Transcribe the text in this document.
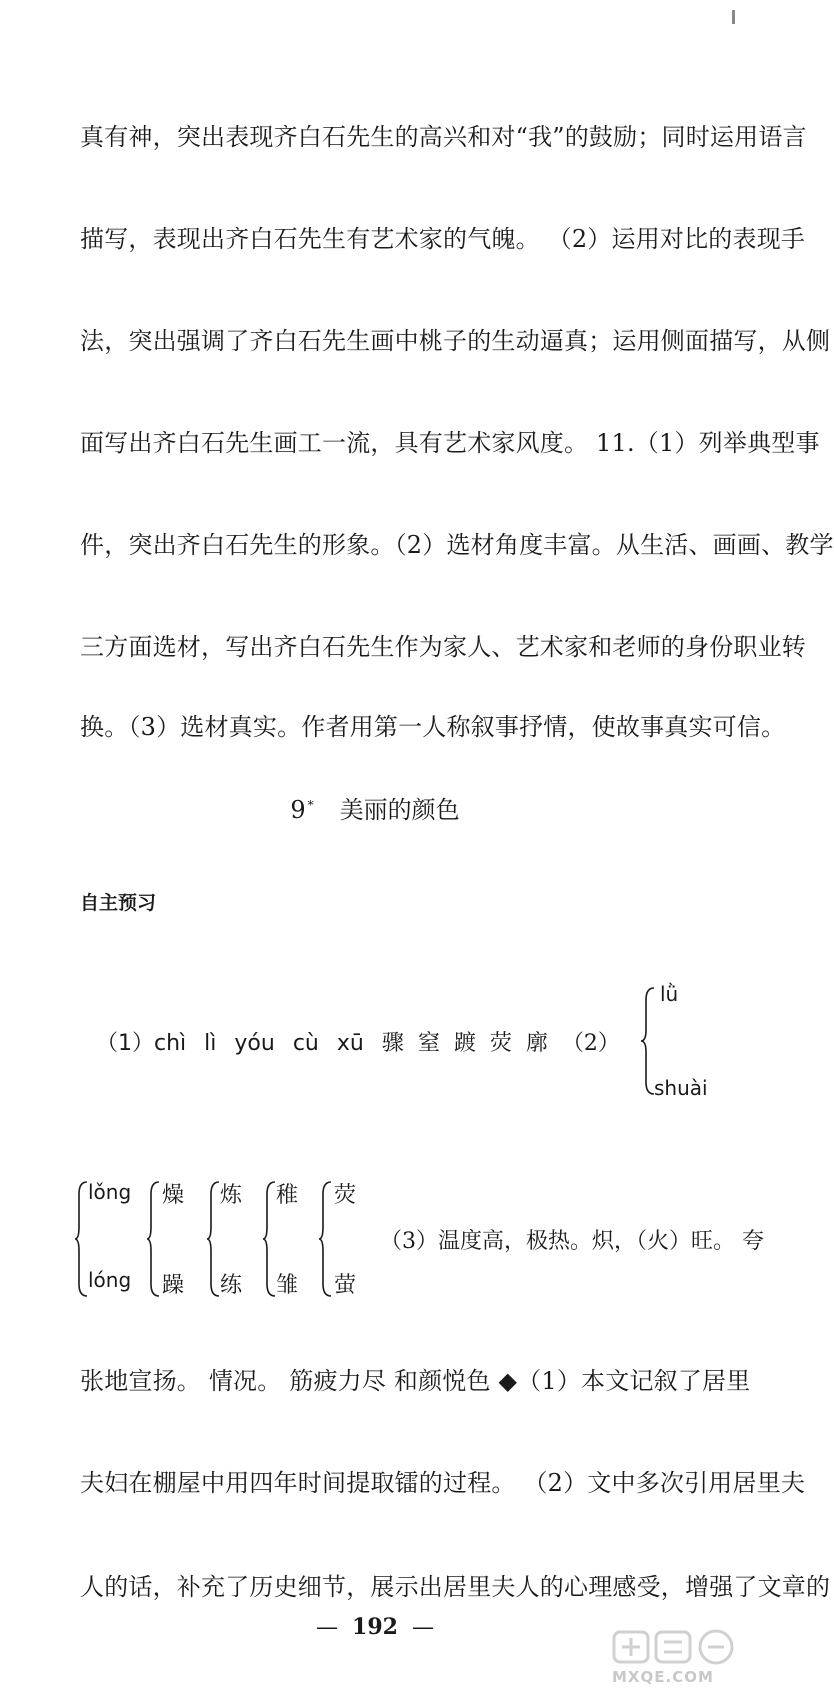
真有神，突出表现齐白石先生的高兴和对“我”的鼓励；同时运用语言
描写，表现出齐白石先生有艺术家的气魄。 （2）运用对比的表现手
法，突出强调了齐白石先生画中桃子的生动逼真；运用侧面描写，从侧
面写出齐白石先生画工一流，具有艺术家风度。 11.（1）列举典型事
件，突出齐白石先生的形象。（2）选材角度丰富。从生活、画画、教学
三方面选材，写出齐白石先生作为家人、艺术家和老师的身份职业转
换。（3）选材真实。作者用第一人称叙事抒情，使故事真实可信。
9 * 美丽的颜色
自主预习
（1）chì lì yóu cù xū 骤 窒 踱 荧 廓 （2）
lǜ
shuài
lǒng
lóng
燥
躁
炼
练
稚
雏
荧
萤
（3）温度高，极热。炽，（火）旺。 夸
张地宣扬。 情况。 筋疲力尽 和颜悦色 ◆（1）本文记叙了居里
夫妇在棚屋中用四年时间提取镭的过程。 （2）文中多次引用居里夫
人的话，补充了历史细节，展示出居里夫人的心理感受，增强了文章的
— 192 —
MXQE.COM
